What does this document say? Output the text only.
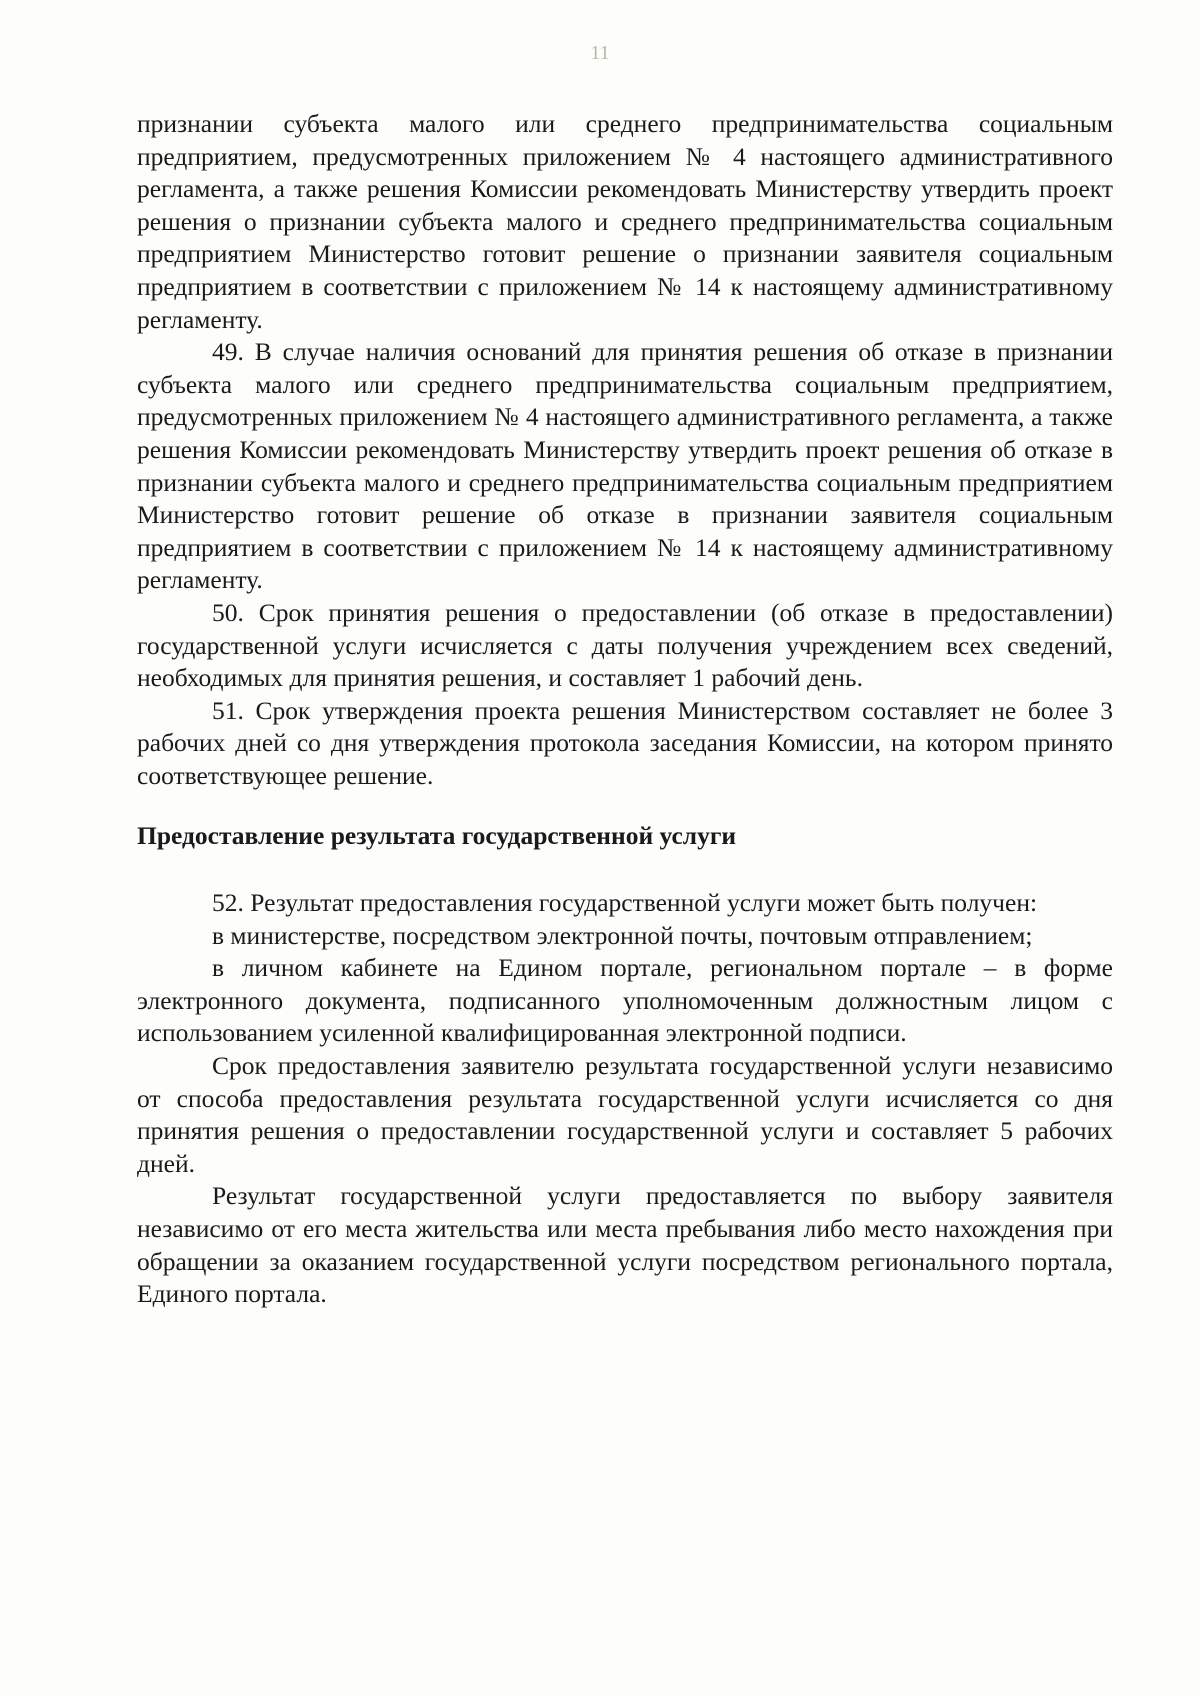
11

признании субъекта малого или среднего предпринимательства социальным предприятием, предусмотренных приложением № 4 настоящего административного регламента, а также решения Комиссии рекомендовать Министерству утвердить проект решения о признании субъекта малого и среднего предпринимательства социальным предприятием Министерство готовит решение о признании заявителя социальным предприятием в соответствии с приложением № 14 к настоящему административному регламенту.

49. В случае наличия оснований для принятия решения об отказе в признании субъекта малого или среднего предпринимательства социальным предприятием, предусмотренных приложением № 4 настоящего административного регламента, а также решения Комиссии рекомендовать Министерству утвердить проект решения об отказе в признании субъекта малого и среднего предпринимательства социальным предприятием Министерство готовит решение об отказе в признании заявителя социальным предприятием в соответствии с приложением № 14 к настоящему административному регламенту.

50. Срок принятия решения о предоставлении (об отказе в предоставлении) государственной услуги исчисляется с даты получения учреждением всех сведений, необходимых для принятия решения, и составляет 1 рабочий день.

51. Срок утверждения проекта решения Министерством составляет не более 3 рабочих дней со дня утверждения протокола заседания Комиссии, на котором принято соответствующее решение.

Предоставление результата государственной услуги

52. Результат предоставления государственной услуги может быть получен:

в министерстве, посредством электронной почты, почтовым отправлением;

в личном кабинете на Едином портале, региональном портале – в форме электронного документа, подписанного уполномоченным должностным лицом с использованием усиленной квалифицированная электронной подписи.

Срок предоставления заявителю результата государственной услуги независимо от способа предоставления результата государственной услуги исчисляется со дня принятия решения о предоставлении государственной услуги и составляет 5 рабочих дней.

Результат государственной услуги предоставляется по выбору заявителя независимо от его места жительства или места пребывания либо место нахождения при обращении за оказанием государственной услуги посредством регионального портала, Единого портала.
